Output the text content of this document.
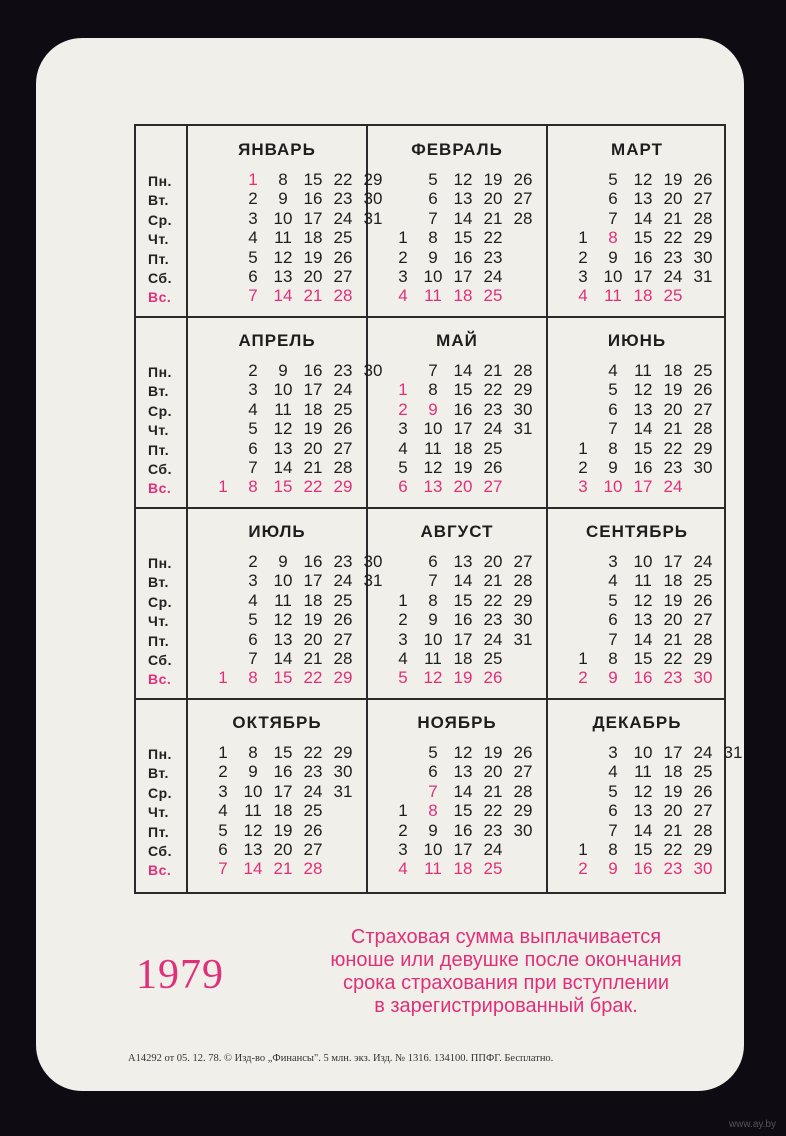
Пн.
Вт.
Ср.
Чт.
Пт.
Сб.
Вс.
Пн.
Вт.
Ср.
Чт.
Пт.
Сб.
Вс.
Пн.
Вт.
Ср.
Чт.
Пт.
Сб.
Вс.
Пн.
Вт.
Ср.
Чт.
Пт.
Сб.
Вс.
ЯНВАРЬ
1
2
3
4
5
6
7
8
9
10
11
12
13
14
15
16
17
18
19
20
21
22
23
24
25
26
27
28
29
30
31
ФЕВРАЛЬ
1
2
3
4
5
6
7
8
9
10
11
12
13
14
15
16
17
18
19
20
21
22
23
24
25
26
27
28
МАРТ
1
2
3
4
5
6
7
8
9
10
11
12
13
14
15
16
17
18
19
20
21
22
23
24
25
26
27
28
29
30
31
АПРЕЛЬ
1
2
3
4
5
6
7
8
9
10
11
12
13
14
15
16
17
18
19
20
21
22
23
24
25
26
27
28
29
30
МАЙ
1
2
3
4
5
6
7
8
9
10
11
12
13
14
15
16
17
18
19
20
21
22
23
24
25
26
27
28
29
30
31
ИЮНЬ
1
2
3
4
5
6
7
8
9
10
11
12
13
14
15
16
17
18
19
20
21
22
23
24
25
26
27
28
29
30
ИЮЛЬ
1
2
3
4
5
6
7
8
9
10
11
12
13
14
15
16
17
18
19
20
21
22
23
24
25
26
27
28
29
30
31
АВГУСТ
1
2
3
4
5
6
7
8
9
10
11
12
13
14
15
16
17
18
19
20
21
22
23
24
25
26
27
28
29
30
31
СЕНТЯБРЬ
1
2
3
4
5
6
7
8
9
10
11
12
13
14
15
16
17
18
19
20
21
22
23
24
25
26
27
28
29
30
ОКТЯБРЬ
1
2
3
4
5
6
7
8
9
10
11
12
13
14
15
16
17
18
19
20
21
22
23
24
25
26
27
28
29
30
31
НОЯБРЬ
1
2
3
4
5
6
7
8
9
10
11
12
13
14
15
16
17
18
19
20
21
22
23
24
25
26
27
28
29
30
ДЕКАБРЬ
1
2
3
4
5
6
7
8
9
10
11
12
13
14
15
16
17
18
19
20
21
22
23
24
25
26
27
28
29
30
31
1979
Страховая сумма выплачивается
юноше или девушке после окончания
срока страхования при вступлении
в зарегистрированный брак.
А14292 от 05. 12. 78. © Изд-во „Финансы". 5 млн. экз. Изд. № 1316. 134100. ППФГ. Бесплатно.
www.ay.by
